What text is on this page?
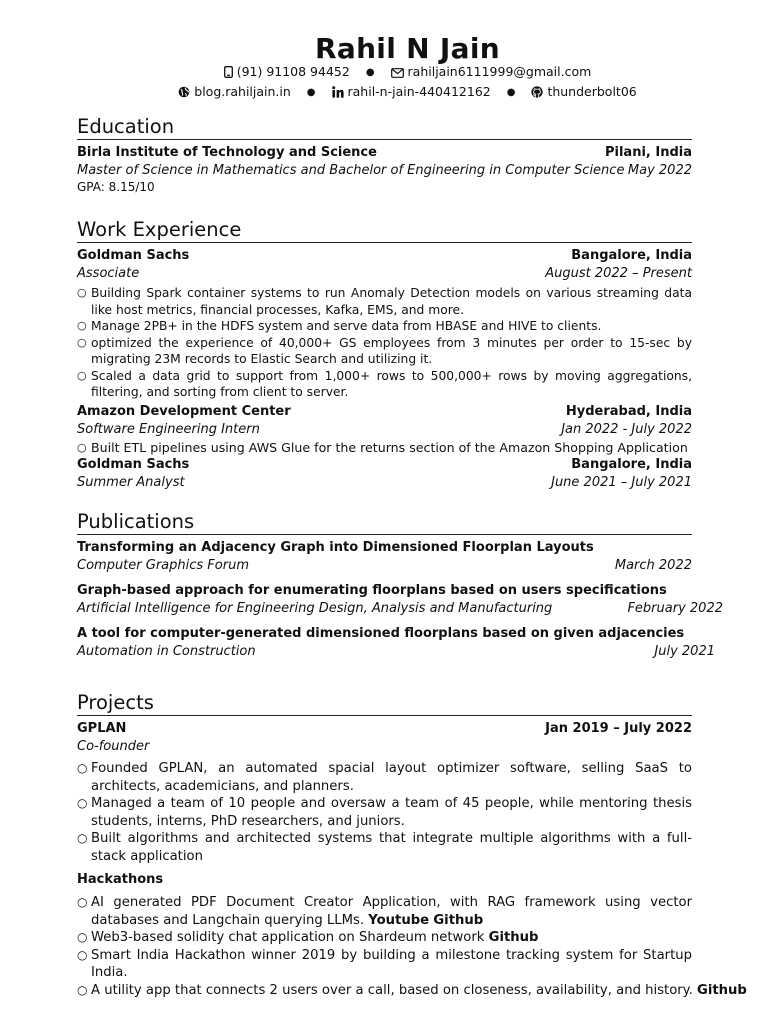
Rahil N Jain
(91) 91108 94452 ●	rahiljain6111999@gmail.com
blog.rahiljain.in ●	rahil-n-jain-440412162 ●	thunderbolt06
Education
Birla Institute of Technology and Science	Pilani, India
Master of Science in Mathematics and Bachelor of Engineering in Computer Science May 2022
GPA: 8.15/10
Work Experience
Goldman Sachs	Bangalore, India
Associate	August 2022 – Present
○ Building Spark container systems to run Anomaly Detection models on various streaming data like host metrics, financial processes, Kafka, EMS, and more.
○ Manage 2PB+ in the HDFS system and serve data from HBASE and HIVE to clients.
○ optimized the experience of 40,000+ GS employees from 3 minutes per order to 15-sec by migrating 23M records to Elastic Search and utilizing it.
○ Scaled a data grid to support from 1,000+ rows to 500,000+ rows by moving aggregations, filtering, and sorting from client to server.
Amazon Development Center	Hyderabad, India
Software Engineering Intern	Jan 2022 - July 2022
○ Built ETL pipelines using AWS Glue for the returns section of the Amazon Shopping Application
Goldman Sachs	Bangalore, India
Summer Analyst	June 2021 – July 2021
Publications
Transforming an Adjacency Graph into Dimensioned Floorplan Layouts
Computer Graphics Forum	March 2022
Graph-based approach for enumerating floorplans based on users specifications
Artificial Intelligence for Engineering Design, Analysis and Manufacturing	February 2022
A tool for computer-generated dimensioned floorplans based on given adjacencies
Automation in Construction	July 2021
Projects
GPLAN	Jan 2019 – July 2022
Co-founder
○ Founded GPLAN, an automated spacial layout optimizer software, selling SaaS to architects, academicians, and planners.
○ Managed a team of 10 people and oversaw a team of 45 people, while mentoring thesis students, interns, PhD researchers, and juniors.
○ Built algorithms and architected systems that integrate multiple algorithms with a full-stack application
Hackathons
○ AI generated PDF Document Creator Application, with RAG framework using vector databases and Langchain querying LLMs. Youtube Github
○ Web3-based solidity chat application on Shardeum network Github
○ Smart India Hackathon winner 2019 by building a milestone tracking system for Startup India.
○ A utility app that connects 2 users over a call, based on closeness, availability, and history. Github
